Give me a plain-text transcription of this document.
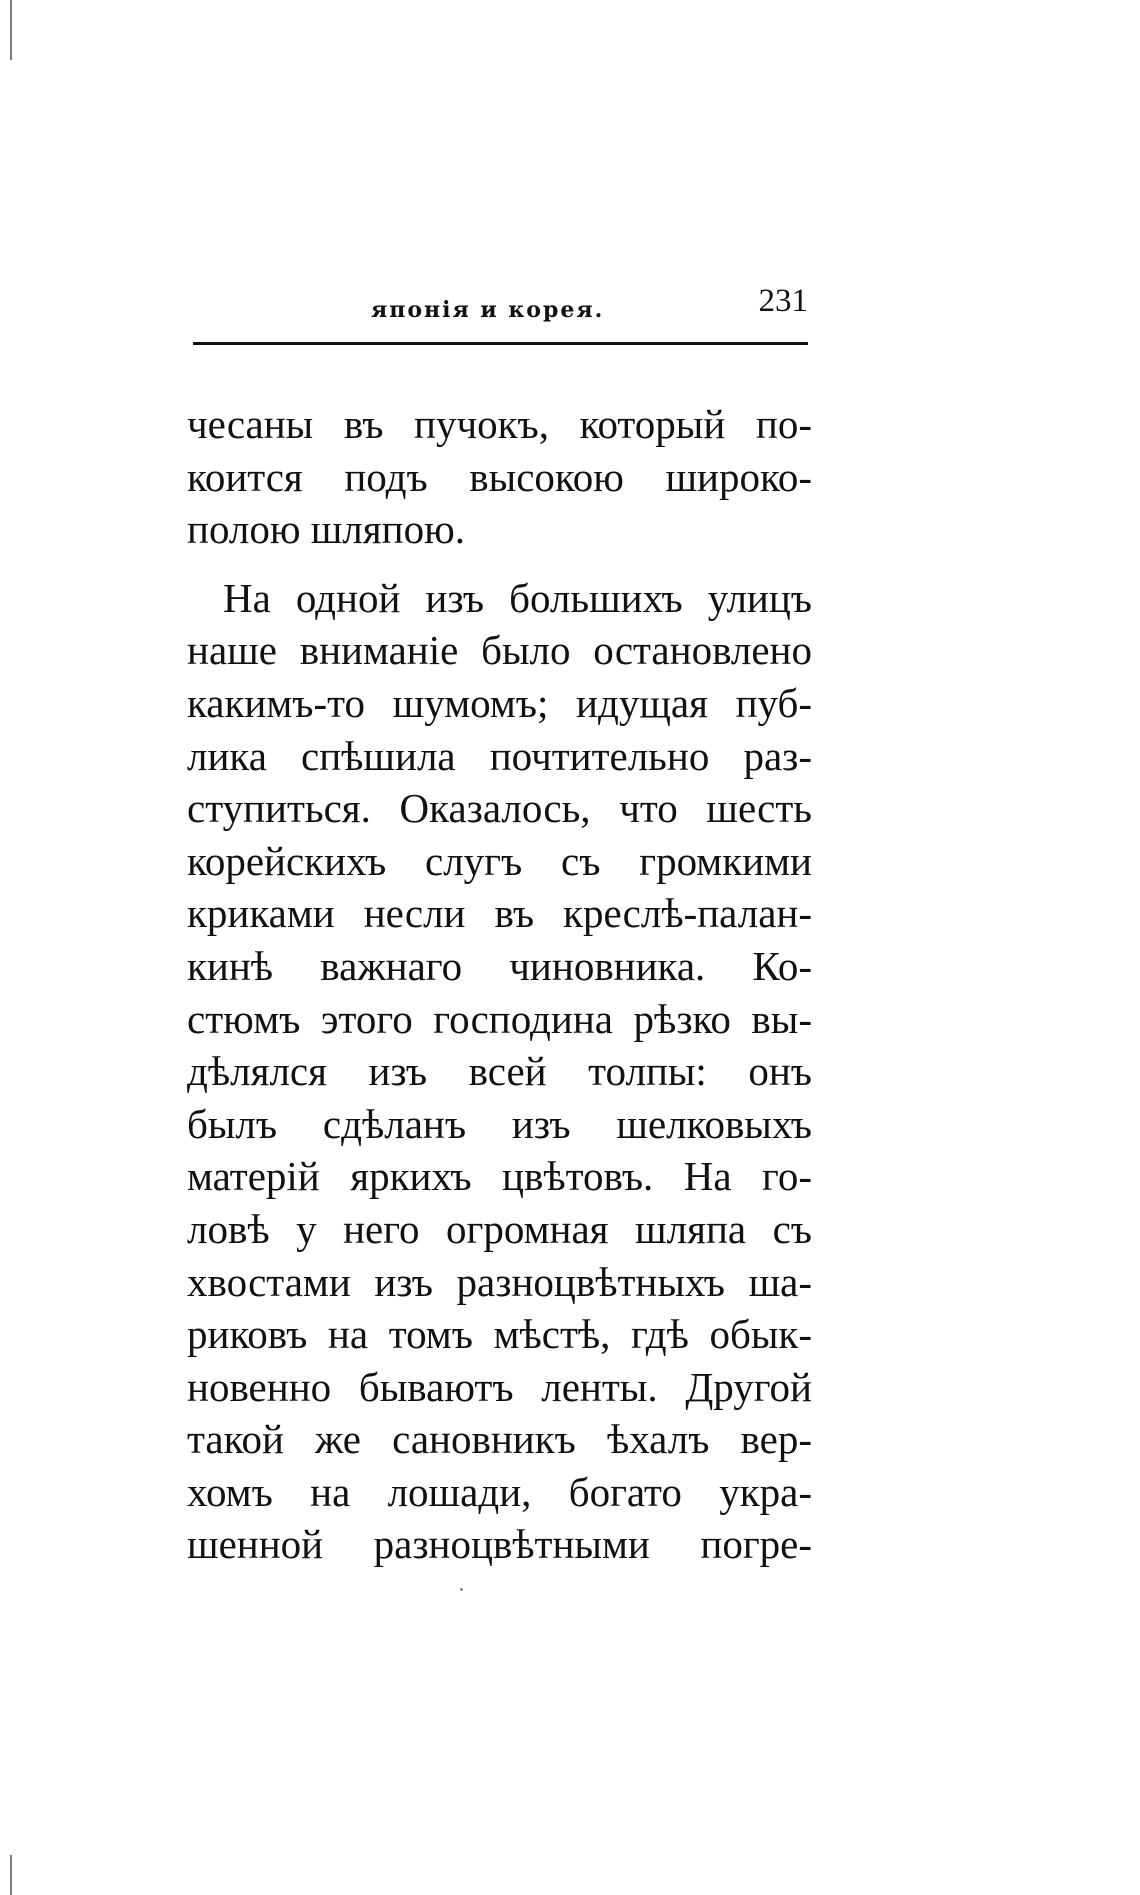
японія и корея.	231
чесаны въ пучокъ, который по-
коится подъ высокою широко-
полою шляпою.
На одной изъ большихъ улицъ
наше вниманіе было остановлено
какимъ-то шумомъ; идущая пуб-
лика спѣшила почтительно раз-
ступиться. Оказалось, что шесть
корейскихъ слугъ съ громкими
криками несли въ креслѣ-палан-
кинѣ важнаго чиновника. Ко-
стюмъ этого господина рѣзко вы-
дѣлялся изъ всей толпы: онъ
былъ сдѣланъ изъ шелковыхъ
матерій яркихъ цвѣтовъ. На го-
ловѣ у него огромная шляпа съ
хвостами изъ разноцвѣтныхъ ша-
риковъ на томъ мѣстѣ, гдѣ обык-
новенно бываютъ ленты. Другой
такой же сановникъ ѣхалъ вер-
хомъ на лошади, богато укра-
шенной разноцвѣтными погре-
